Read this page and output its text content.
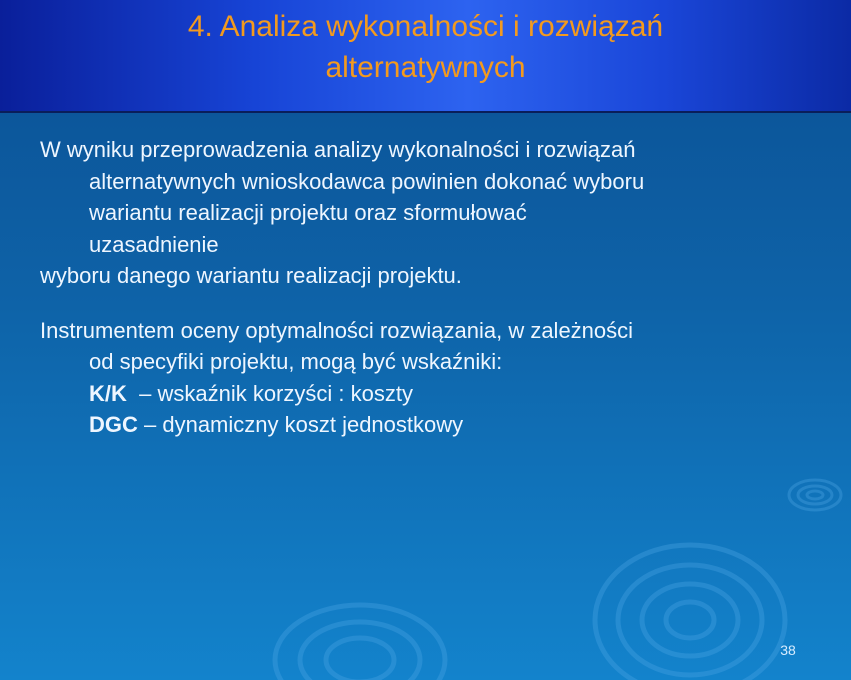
4. Analiza wykonalności i rozwiązań
alternatywnych
W wyniku przeprowadzenia analizy wykonalności i rozwiązań
alternatywnych wnioskodawca powinien dokonać wyboru
wariantu realizacji projektu oraz sformułować
uzasadnienie
wyboru danego wariantu realizacji projektu.
Instrumentem oceny optymalności rozwiązania, w zależności
od specyfiki projektu, mogą być wskaźniki:
K/K  – wskaźnik korzyści : koszty
DGC – dynamiczny koszt jednostkowy
38
